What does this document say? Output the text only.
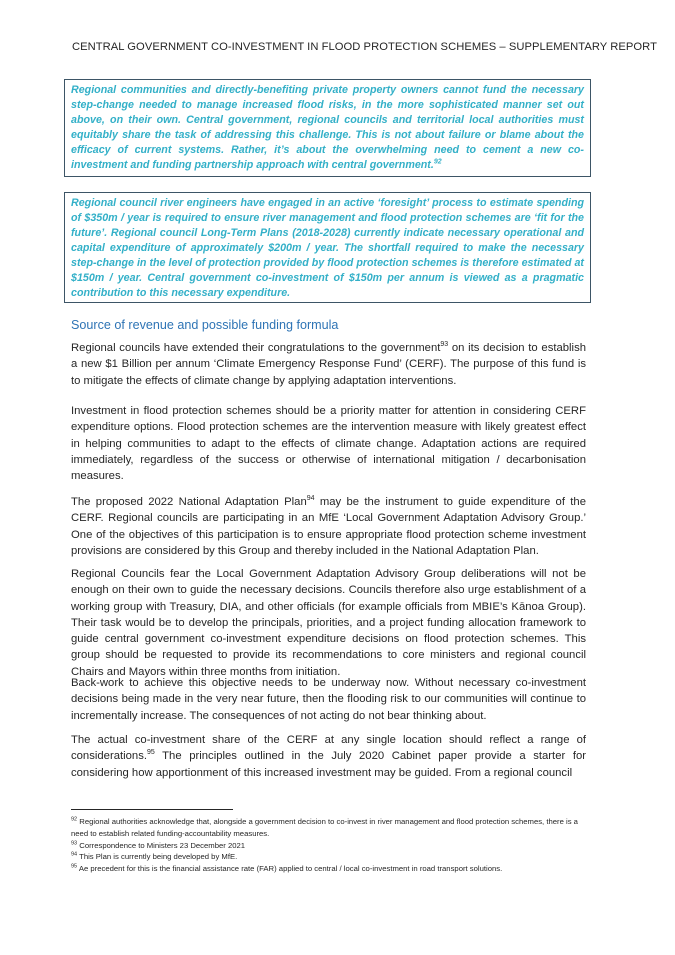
CENTRAL GOVERNMENT CO-INVESTMENT IN FLOOD PROTECTION SCHEMES – SUPPLEMENTARY REPORT
Regional communities and directly-benefiting private property owners cannot fund the necessary step-change needed to manage increased flood risks, in the more sophisticated manner set out above, on their own. Central government, regional councils and territorial local authorities must equitably share the task of addressing this challenge. This is not about failure or blame about the efficacy of current systems. Rather, it’s about the overwhelming need to cement a new co-investment and funding partnership approach with central government.$^{92}$
Regional council river engineers have engaged in an active ‘foresight’ process to estimate spending of $350m / year is required to ensure river management and flood protection schemes are ‘fit for the future’. Regional council Long-Term Plans (2018-2028) currently indicate necessary operational and capital expenditure of approximately $200m / year. The shortfall required to make the necessary step-change in the level of protection provided by flood protection schemes is therefore estimated at $150m / year. Central government co-investment of $150m per annum is viewed as a pragmatic contribution to this necessary expenditure.
Source of revenue and possible funding formula

Regional councils have extended their congratulations to the government$^{93}$ on its decision to establish a new $1 Billion per annum ‘Climate Emergency Response Fund’ (CERF). The purpose of this fund is to mitigate the effects of climate change by applying adaptation interventions.

Investment in flood protection schemes should be a priority matter for attention in considering CERF expenditure options. Flood protection schemes are the intervention measure with likely greatest effect in helping communities to adapt to the effects of climate change. Adaptation actions are required immediately, regardless of the success or otherwise of international mitigation / decarbonisation measures.

The proposed 2022 National Adaptation Plan$^{94}$ may be the instrument to guide expenditure of the CERF. Regional councils are participating in an MfE ‘Local Government Adaptation Advisory Group.’ One of the objectives of this participation is to ensure appropriate flood protection scheme investment provisions are considered by this Group and thereby included in the National Adaptation Plan.

Regional Councils fear the Local Government Adaptation Advisory Group deliberations will not be enough on their own to guide the necessary decisions. Councils therefore also urge establishment of a working group with Treasury, DIA, and other officials (for example officials from MBIE’s Kānoa Group). Their task would be to develop the principals, priorities, and a project funding allocation framework to guide central government co-investment expenditure decisions on flood protection schemes. This group should be requested to provide its recommendations to core ministers and regional council Chairs and Mayors within three months from initiation.

Back-work to achieve this objective needs to be underway now. Without necessary co-investment decisions being made in the very near future, then the flooding risk to our communities will continue to incrementally increase. The consequences of not acting do not bear thinking about.

The actual co-investment share of the CERF at any single location should reflect a range of considerations.$^{95}$ The principles outlined in the July 2020 Cabinet paper provide a starter for considering how apportionment of this increased investment may be guided. From a regional council

$^{92}$ Regional authorities acknowledge that, alongside a government decision to co-invest in river management and flood protection schemes, there is a need to establish related funding-accountability measures.

$^{93}$ Correspondence to Ministers 23 December 2021

$^{94}$ This Plan is currently being developed by MfE.

$^{95}$ Ae precedent for this is the financial assistance rate (FAR) applied to central / local co-investment in road transport solutions.
